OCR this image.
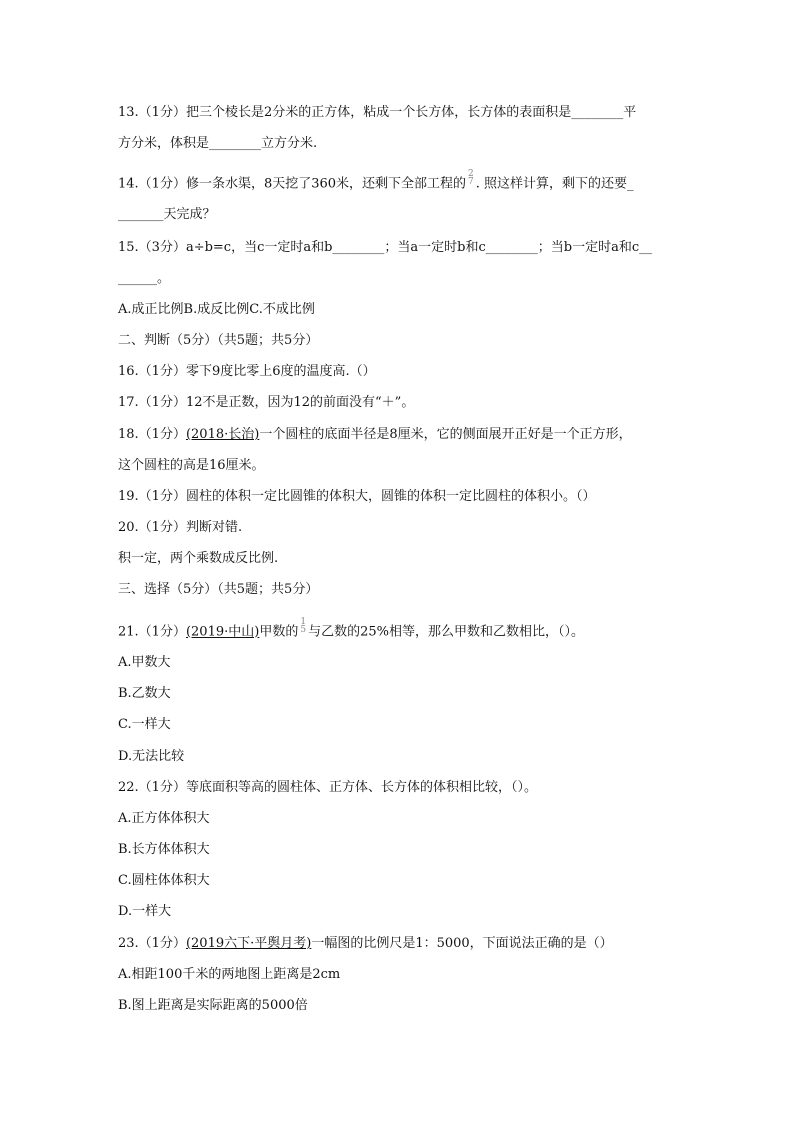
13.（1分）把三个棱长是2分米的正方体，粘成一个长方体，长方体的表面积是________平
方分米，体积是________立方分米.
14.（1分）修一条水渠，8天挖了360米，还剩下全部工程的
2
7 . 照这样计算，剩下的还要_
_______天完成？
15.（3分）a÷b=c，当c一定时a和b________；当a一定时b和c________；当b一定时a和c__
______。
A.成正比例B.成反比例C.不成比例
二、判断（5分）（共5题；共5分）
16.（1分）零下9度比零上6度的温度高.（）
17.（1分）12不是正数，因为12的前面没有“＋”。
18.（1分）(2018·长治)一个圆柱的底面半径是8厘米，它的侧面展开正好是一个正方形，
这个圆柱的高是16厘米。
19.（1分）圆柱的体积一定比圆锥的体积大，圆锥的体积一定比圆柱的体积小。（）
20.（1分）判断对错.
积一定，两个乘数成反比例.
三、选择（5分）（共5题；共5分）
21.（1分）(2019·中山)甲数的
1
5 与乙数的25%相等，那么甲数和乙数相比，（）。
A.甲数大
B.乙数大
C.一样大
D.无法比较
22.（1分）等底面积等高的圆柱体、正方体、长方体的体积相比较，（）。
A.正方体体积大
B.长方体体积大
C.圆柱体体积大
D.一样大
23.（1分）(2019六下·平舆月考)一幅图的比例尺是1：5000，下面说法正确的是（）
A.相距100千米的两地图上距离是2cm
B.图上距离是实际距离的5000倍
